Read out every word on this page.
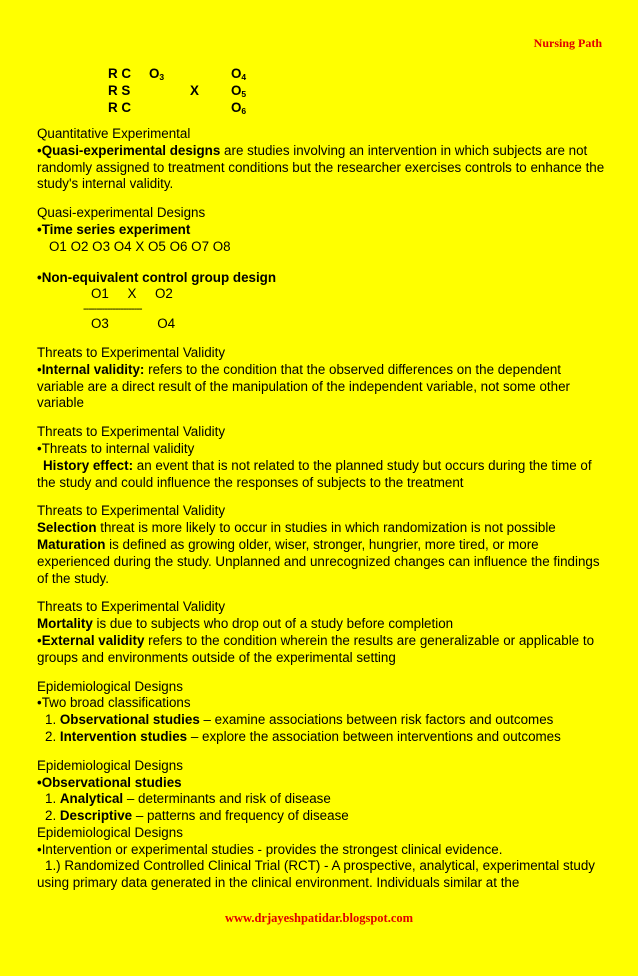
Nursing Path
R C $O_3$	$O_4$
R S	X $O_5$
R C	$O_6$

Quantitative Experimental

• Quasi-experimental designs are studies involving an intervention in which subjects are not randomly assigned to treatment conditions but the researcher exercises controls to enhance the study's internal validity.

Quasi-experimental Designs

• Time series experiment

O1 O2 O3 O4 X O5 O6 O7 O8

• Non-equivalent control group design

O1     X     O2

----------------------

O3             O4

Threats to Experimental Validity

• Internal validity: refers to the condition that the observed differences on the dependent variable are a direct result of the manipulation of the independent variable, not some other variable

Threats to Experimental Validity

• Threats to internal validity

History effect: an event that is not related to the planned study but occurs during the time of the study and could influence the responses of subjects to the treatment

Threats to Experimental Validity

Selection threat is more likely to occur in studies in which randomization is not possible

Maturation is defined as growing older, wiser, stronger, hungrier, more tired, or more experienced during the study. Unplanned and unrecognized changes can influence the findings of the study.

Threats to Experimental Validity

Mortality is due to subjects who drop out of a study before completion

• External validity refers to the condition wherein the results are generalizable or applicable to groups and environments outside of the experimental setting

Epidemiological Designs

• Two broad classifications

1. Observational studies – examine associations between risk factors and outcomes

2. Intervention studies – explore the association between interventions and outcomes

Epidemiological Designs

• Observational studies

1. Analytical – determinants and risk of disease

2. Descriptive – patterns and frequency of disease

Epidemiological Designs

• Intervention or experimental studies - provides the strongest clinical evidence.

1.) Randomized Controlled Clinical Trial (RCT) - A prospective, analytical, experimental study using primary data generated in the clinical environment. Individuals similar at the

www.drjayeshpatidar.blogspot.com
